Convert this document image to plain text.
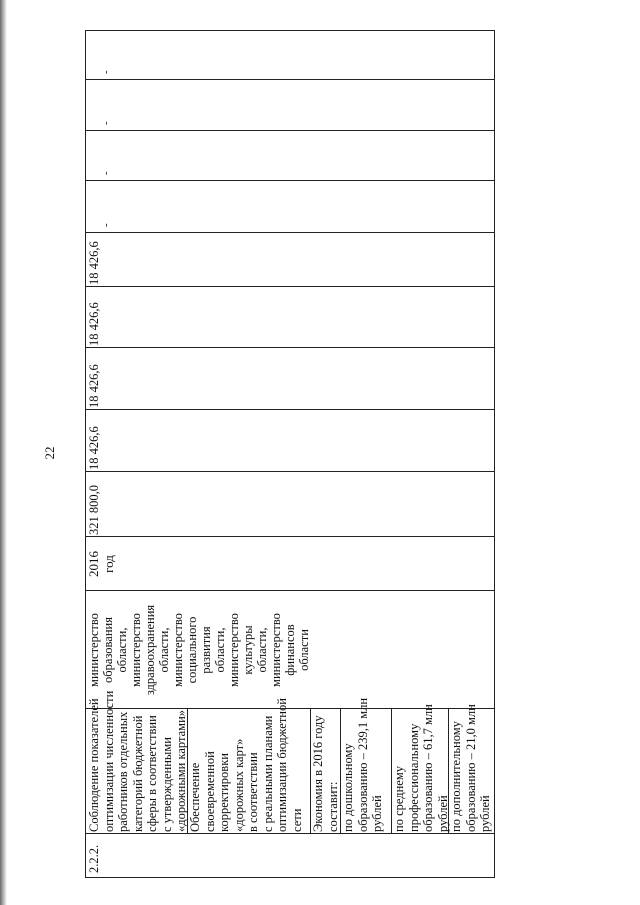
22
2.2.2.
Соблюдение показателей оптимизации численности работников отдельных категорий бюджетной сферы в соответствии с утвержденными «дорожными картами» Обеспечение своевременной корректировки «дорожных карт» в соответствии с реальными планами оптимизации бюджетной сети Экономия в 2016 году составит: по дошкольному образованию – 239,1 млн рублей по среднему профессиональному образованию – 61,7 млн рублей по дополнительному образованию – 21,0 млн рублей
министерство образования области, министерство здравоохранения области, министерство социального развития области, министерство культуры области, министерство финансов области
2016 год
321 800,0
18 426,6
18 426,6
18 426,6
18 426,6
-
-
-
-
